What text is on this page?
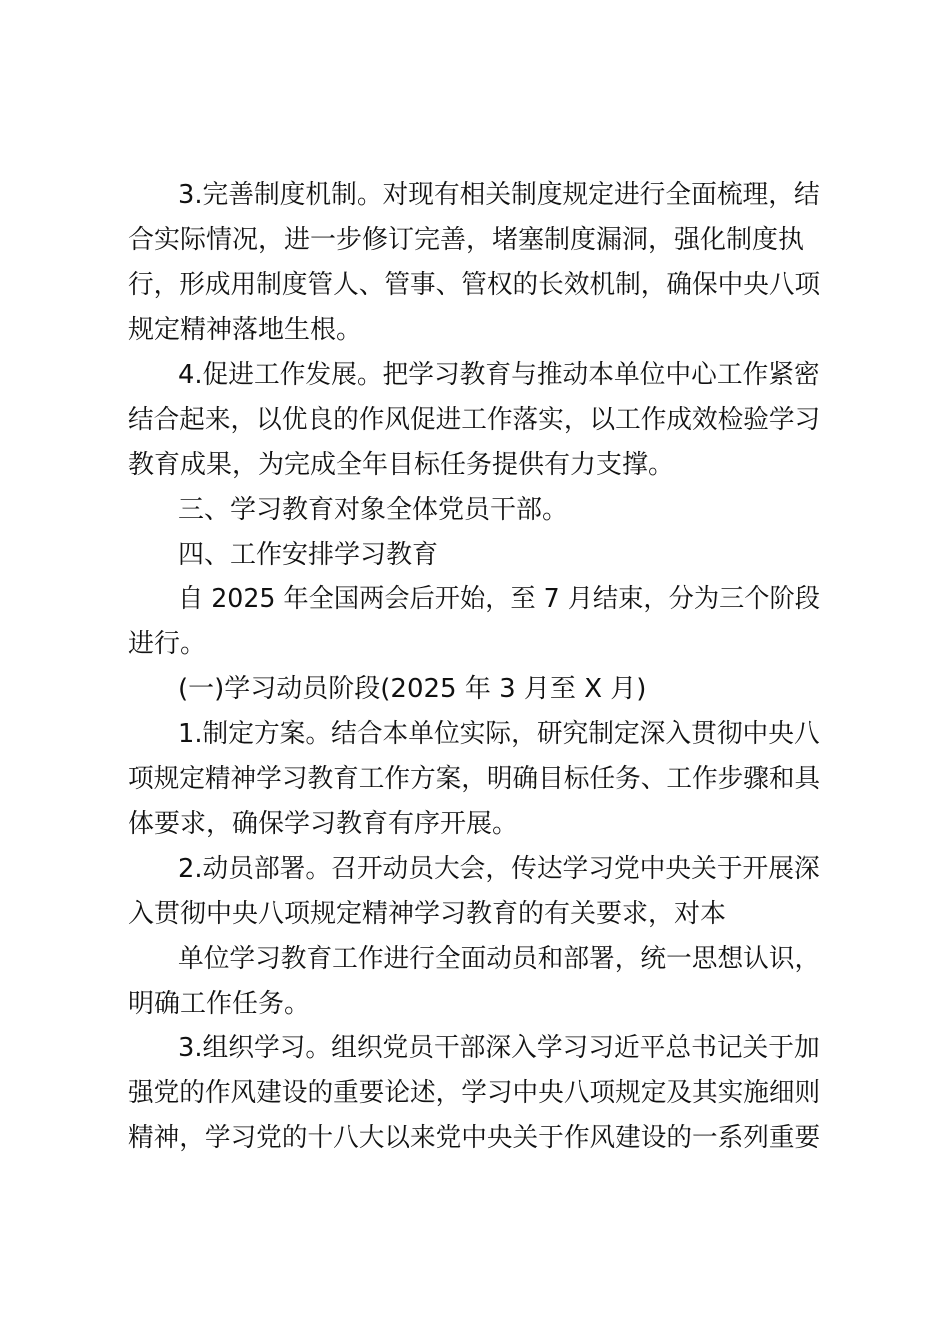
3.完善制度机制。对现有相关制度规定进行全面梳理，结
合实际情况，进一步修订完善，堵塞制度漏洞，强化制度执
行，形成用制度管人、管事、管权的长效机制，确保中央八项
规定精神落地生根。
4.促进工作发展。把学习教育与推动本单位中心工作紧密
结合起来，以优良的作风促进工作落实，以工作成效检验学习
教育成果，为完成全年目标任务提供有力支撑。
三、学习教育对象全体党员干部。
四、工作安排学习教育
自 2025 年全国两会后开始，至 7 月结束，分为三个阶段
进行。
(一)学习动员阶段(2025 年 3 月至 X 月)
1.制定方案。结合本单位实际，研究制定深入贯彻中央八
项规定精神学习教育工作方案，明确目标任务、工作步骤和具
体要求，确保学习教育有序开展。
2.动员部署。召开动员大会，传达学习党中央关于开展深
入贯彻中央八项规定精神学习教育的有关要求，对本
单位学习教育工作进行全面动员和部署，统一思想认识，
明确工作任务。
3.组织学习。组织党员干部深入学习习近平总书记关于加
强党的作风建设的重要论述，学习中央八项规定及其实施细则
精神，学习党的十八大以来党中央关于作风建设的一系列重要
